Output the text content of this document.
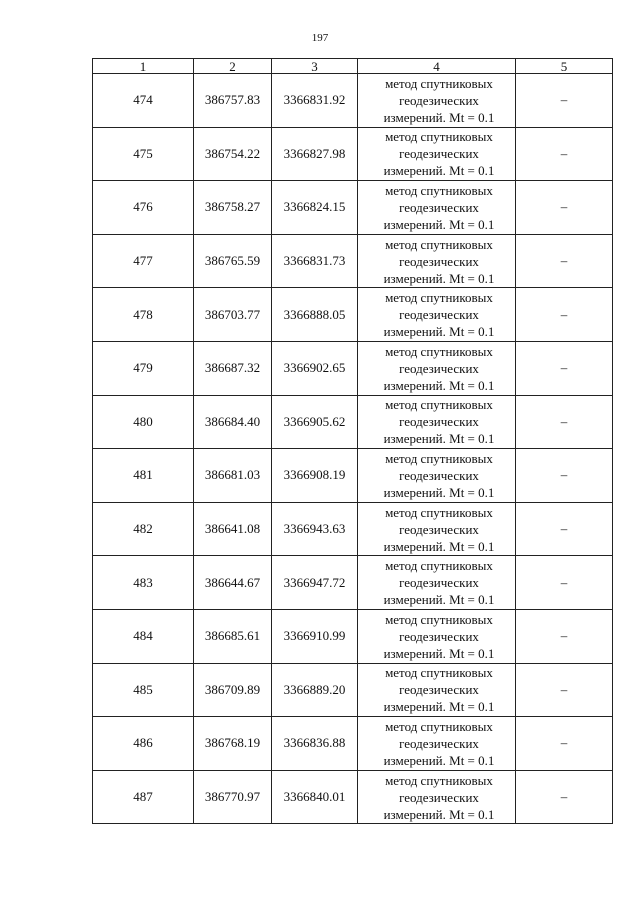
197
1	2	3	4	5
474	386757.83	3366831.92	метод спутниковых
геодезических
измерений. Mt = 0.1	–
475	386754.22	3366827.98	метод спутниковых
геодезических
измерений. Mt = 0.1	–
476	386758.27	3366824.15	метод спутниковых
геодезических
измерений. Mt = 0.1	–
477	386765.59	3366831.73	метод спутниковых
геодезических
измерений. Mt = 0.1	–
478	386703.77	3366888.05	метод спутниковых
геодезических
измерений. Mt = 0.1	–
479	386687.32	3366902.65	метод спутниковых
геодезических
измерений. Mt = 0.1	–
480	386684.40	3366905.62	метод спутниковых
геодезических
измерений. Mt = 0.1	–
481	386681.03	3366908.19	метод спутниковых
геодезических
измерений. Mt = 0.1	–
482	386641.08	3366943.63	метод спутниковых
геодезических
измерений. Mt = 0.1	–
483	386644.67	3366947.72	метод спутниковых
геодезических
измерений. Mt = 0.1	–
484	386685.61	3366910.99	метод спутниковых
геодезических
измерений. Mt = 0.1	–
485	386709.89	3366889.20	метод спутниковых
геодезических
измерений. Mt = 0.1	–
486	386768.19	3366836.88	метод спутниковых
геодезических
измерений. Mt = 0.1	–
487	386770.97	3366840.01	метод спутниковых
геодезических
измерений. Mt = 0.1	–
